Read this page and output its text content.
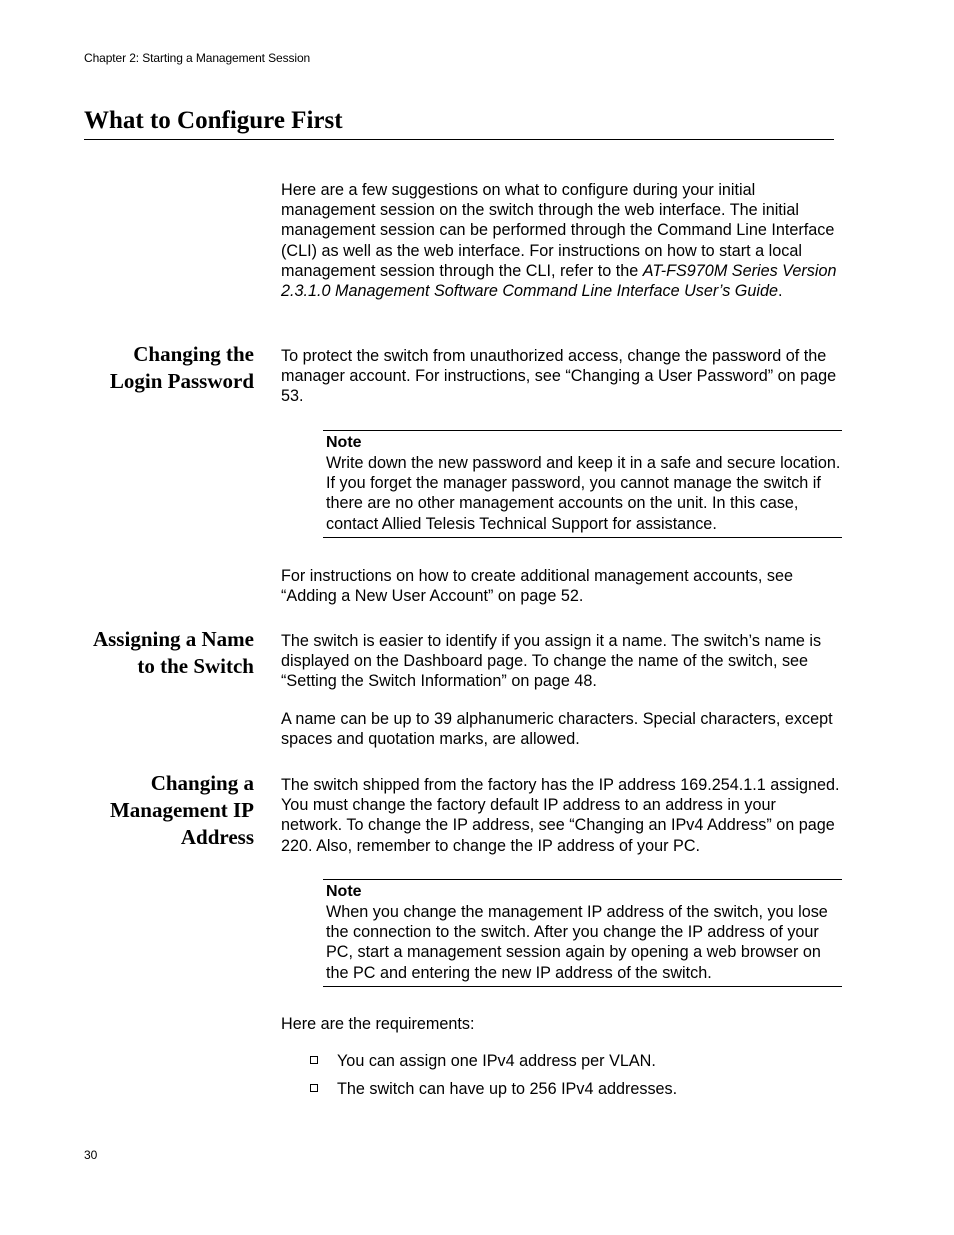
Chapter 2: Starting a Management Session
What to Configure First

Here are a few suggestions on what to configure during your initial management session on the switch through the web interface. The initial management session can be performed through the Command Line Interface (CLI) as well as the web interface. For instructions on how to start a local management session through the CLI, refer to the AT-FS970M Series Version 2.3.1.0 Management Software Command Line Interface User’s Guide.

Changing the
Login Password

To protect the switch from unauthorized access, change the password of the manager account. For instructions, see “Changing a User Password” on page 53.

Note

Write down the new password and keep it in a safe and secure location. If you forget the manager password, you cannot manage the switch if there are no other management accounts on the unit. In this case, contact Allied Telesis Technical Support for assistance.

For instructions on how to create additional management accounts, see “Adding a New User Account” on page 52.

Assigning a Name
to the Switch

The switch is easier to identify if you assign it a name. The switch’s name is displayed on the Dashboard page. To change the name of the switch, see “Setting the Switch Information” on page 48.

A name can be up to 39 alphanumeric characters. Special characters, except spaces and quotation marks, are allowed.

Changing a
Management IP
Address

The switch shipped from the factory has the IP address 169.254.1.1 assigned. You must change the factory default IP address to an address in your network. To change the IP address, see “Changing an IPv4 Address” on page 220. Also, remember to change the IP address of your PC.

Note

When you change the management IP address of the switch, you lose the connection to the switch. After you change the IP address of your PC, start a management session again by opening a web browser on the PC and entering the new IP address of the switch.

Here are the requirements:

You can assign one IPv4 address per VLAN.
The switch can have up to 256 IPv4 addresses.
30
